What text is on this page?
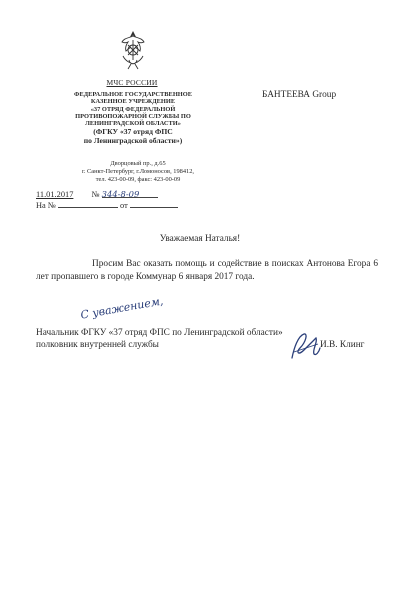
МЧС РОССИИ
ФЕДЕРАЛЬНОЕ ГОСУДАРСТВЕННОЕ
КАЗЕННОЕ УЧРЕЖДЕНИЕ
«37 ОТРЯД ФЕДЕРАЛЬНОЙ
ПРОТИВОПОЖАРНОЙ СЛУЖБЫ ПО
ЛЕНИНГРАДСКОЙ ОБЛАСТИ»
(ФГКУ «37 отряд ФПС
по Ленинградской области»)
Дворцовый пр., д.65
г. Санкт-Петербург, г.Ломоносов, 198412,
тел. 423-00-09, факс: 423-00-09
11.01.2017 № 344-8-09
На №	от
БАНТЕЕВА Group
Уважаемая Наталья!
Просим Вас оказать помощь и содействие в поисках Антонова Егора 6 лет пропавшего в городе Коммунар 6 января 2017 года.
С уважением,
Начальник ФГКУ «37 отряд ФПС по Ленинградской области»
полковник внутренней службы	И.В. Клинг
